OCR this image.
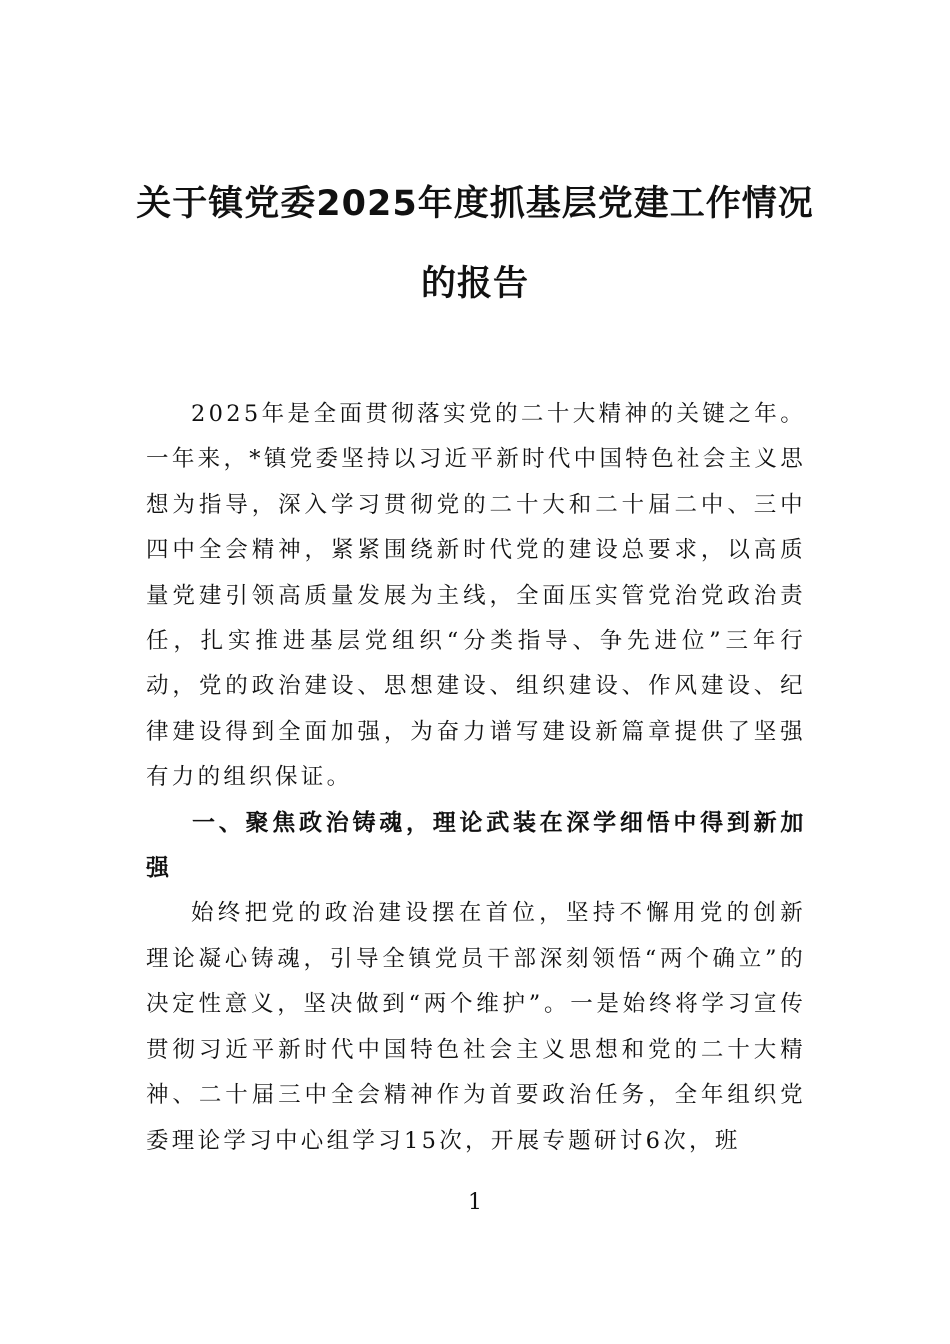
关于镇党委2025年度抓基层党建工作情况
的报告

2025年是全面贯彻落实党的二十大精神的关键之年。一年来，*镇党委坚持以习近平新时代中国特色社会主义思想为指导，深入学习贯彻党的二十大和二十届二中、三中四中全会精神，紧紧围绕新时代党的建设总要求，以高质量党建引领高质量发展为主线，全面压实管党治党政治责任，扎实推进基层党组织“分类指导、争先进位”三年行动，党的政治建设、思想建设、组织建设、作风建设、纪律建设得到全面加强，为奋力谱写建设新篇章提供了坚强有力的组织保证。

一、聚焦政治铸魂，理论武装在深学细悟中得到新加强

始终把党的政治建设摆在首位，坚持不懈用党的创新理论凝心铸魂，引导全镇党员干部深刻领悟“两个确立”的决定性意义，坚决做到“两个维护”。一是始终将学习宣传贯彻习近平新时代中国特色社会主义思想和党的二十大精神、二十届三中全会精神作为首要政治任务，全年组织党委理论学习中心组学习15次，开展专题研讨6次，班

1
